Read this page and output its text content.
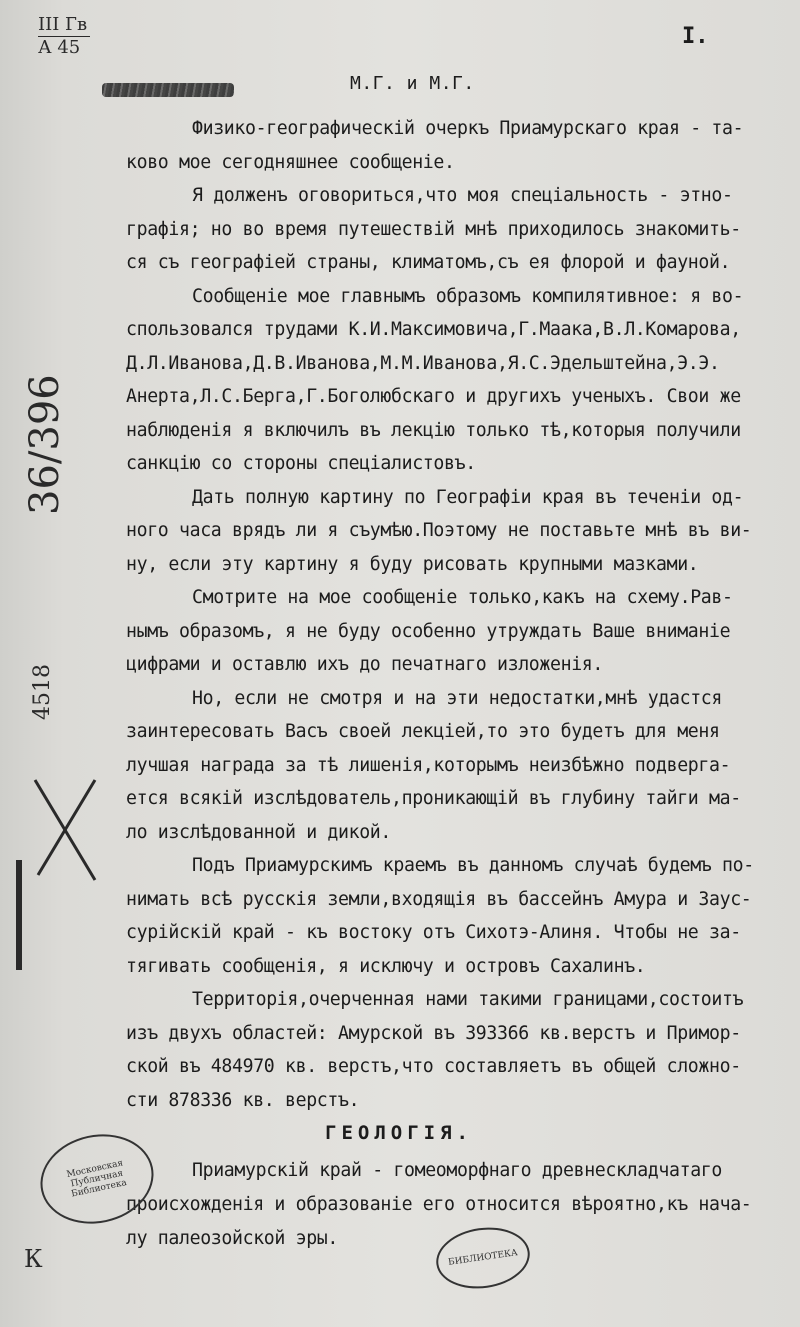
III Гв
А 45	I.
М.Г. и М.Г.
Физико-географическій очеркъ Приамурскаго края - та-
ково мое сегодняшнее сообщеніе.
Я долженъ оговориться,что моя спеціальность - этно-
графія; но во время путешествій мнѣ приходилось знакомить-
ся съ географіей страны, климатомъ,съ ея флорой и фауной.
Сообщеніе мое главнымъ образомъ компилятивное: я во-
спользовался трудами К.И.Максимовича,Г.Маака,В.Л.Комарова,
Д.Л.Иванова,Д.В.Иванова,М.М.Иванова,Я.С.Эдельштейна,Э.Э.
Анерта,Л.С.Берга,Г.Боголюбскаго и другихъ ученыхъ. Свои же
наблюденія я включилъ въ лекцію только тѣ,которыя получили
санкцію со стороны спеціалистовъ.
Дать полную картину по Географіи края въ теченіи од-
ного часа врядъ ли я съумѣю.Поэтому не поставьте мнѣ въ ви-
ну, если эту картину я буду рисовать крупными мазками.
Смотрите на мое сообщеніе только,какъ на схему.Рав-
нымъ образомъ, я не буду особенно утруждать Ваше вниманіе
цифрами и оставлю ихъ до печатнаго изложенія.
Но, если не смотря и на эти недостатки,мнѣ удастся
заинтересовать Васъ своей лекціей,то это будетъ для меня
лучшая награда за тѣ лишенія,которымъ неизбѣжно подверга-
ется всякій изслѣдователь,проникающій въ глубину тайги ма-
ло изслѣдованной и дикой.
Подъ Приамурскимъ краемъ въ данномъ случаѣ будемъ по-
нимать всѣ русскія земли,входящія въ бассейнъ Амура и Заус-
сурійскій край - къ востоку отъ Сихотэ-Алиня. Чтобы не за-
тягивать сообщенія, я исключу и островъ Сахалинъ.
Территорія,очерченная нами такими границами,состоитъ
изъ двухъ областей: Амурской въ 393366 кв.верстъ и Примор-
ской въ 484970 кв. верстъ,что составляетъ въ общей сложно-
сти 878336 кв. верстъ.
ГЕОЛОГІЯ.
Приамурскій край - гомеоморфнаго древнескладчатаго
происхожденія и образованіе его относится вѣроятно,къ нача-
лу палеозойской эры.
36/396
4518
Московская Публичная Библиотека
БИБЛИОТЕКА
К
